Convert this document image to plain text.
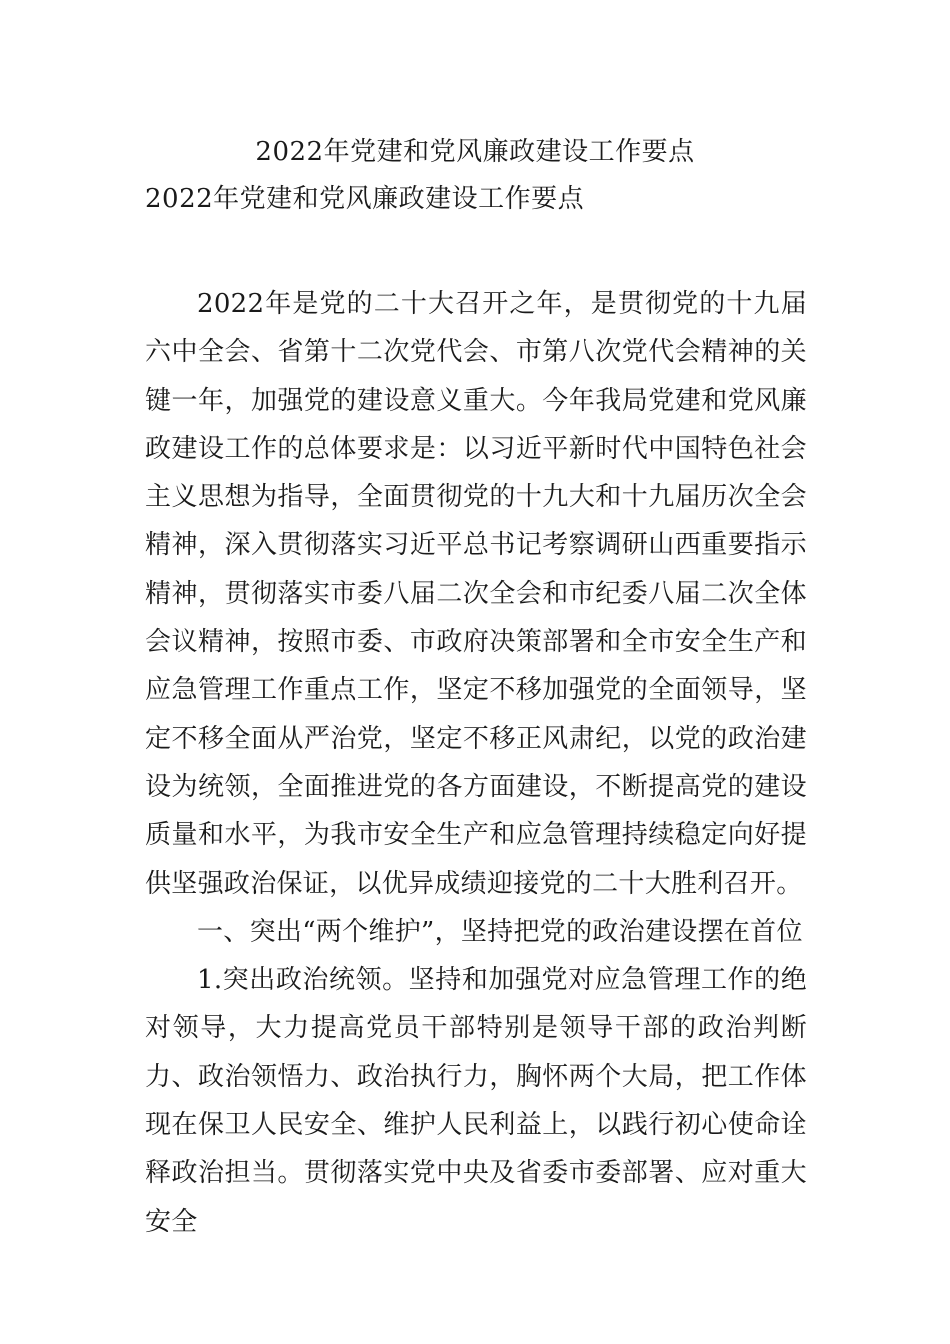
2022年党建和党风廉政建设工作要点
2022年党建和党风廉政建设工作要点

2022年是党的二十大召开之年，是贯彻党的十九届六中全会、省第十二次党代会、市第八次党代会精神的关键一年，加强党的建设意义重大。今年我局党建和党风廉政建设工作的总体要求是：以习近平新时代中国特色社会主义思想为指导，全面贯彻党的十九大和十九届历次全会精神，深入贯彻落实习近平总书记考察调研山西重要指示精神，贯彻落实市委八届二次全会和市纪委八届二次全体会议精神，按照市委、市政府决策部署和全市安全生产和应急管理工作重点工作，坚定不移加强党的全面领导，坚定不移全面从严治党，坚定不移正风肃纪，以党的政治建设为统领，全面推进党的各方面建设，不断提高党的建设质量和水平，为我市安全生产和应急管理持续稳定向好提供坚强政治保证，以优异成绩迎接党的二十大胜利召开。

一、突出“两个维护”，坚持把党的政治建设摆在首位

1.突出政治统领。坚持和加强党对应急管理工作的绝对领导，大力提高党员干部特别是领导干部的政治判断力、政治领悟力、政治执行力，胸怀两个大局，把工作体现在保卫人民安全、维护人民利益上，以践行初心使命诠释政治担当。贯彻落实党中央及省委市委部署、应对重大安全
